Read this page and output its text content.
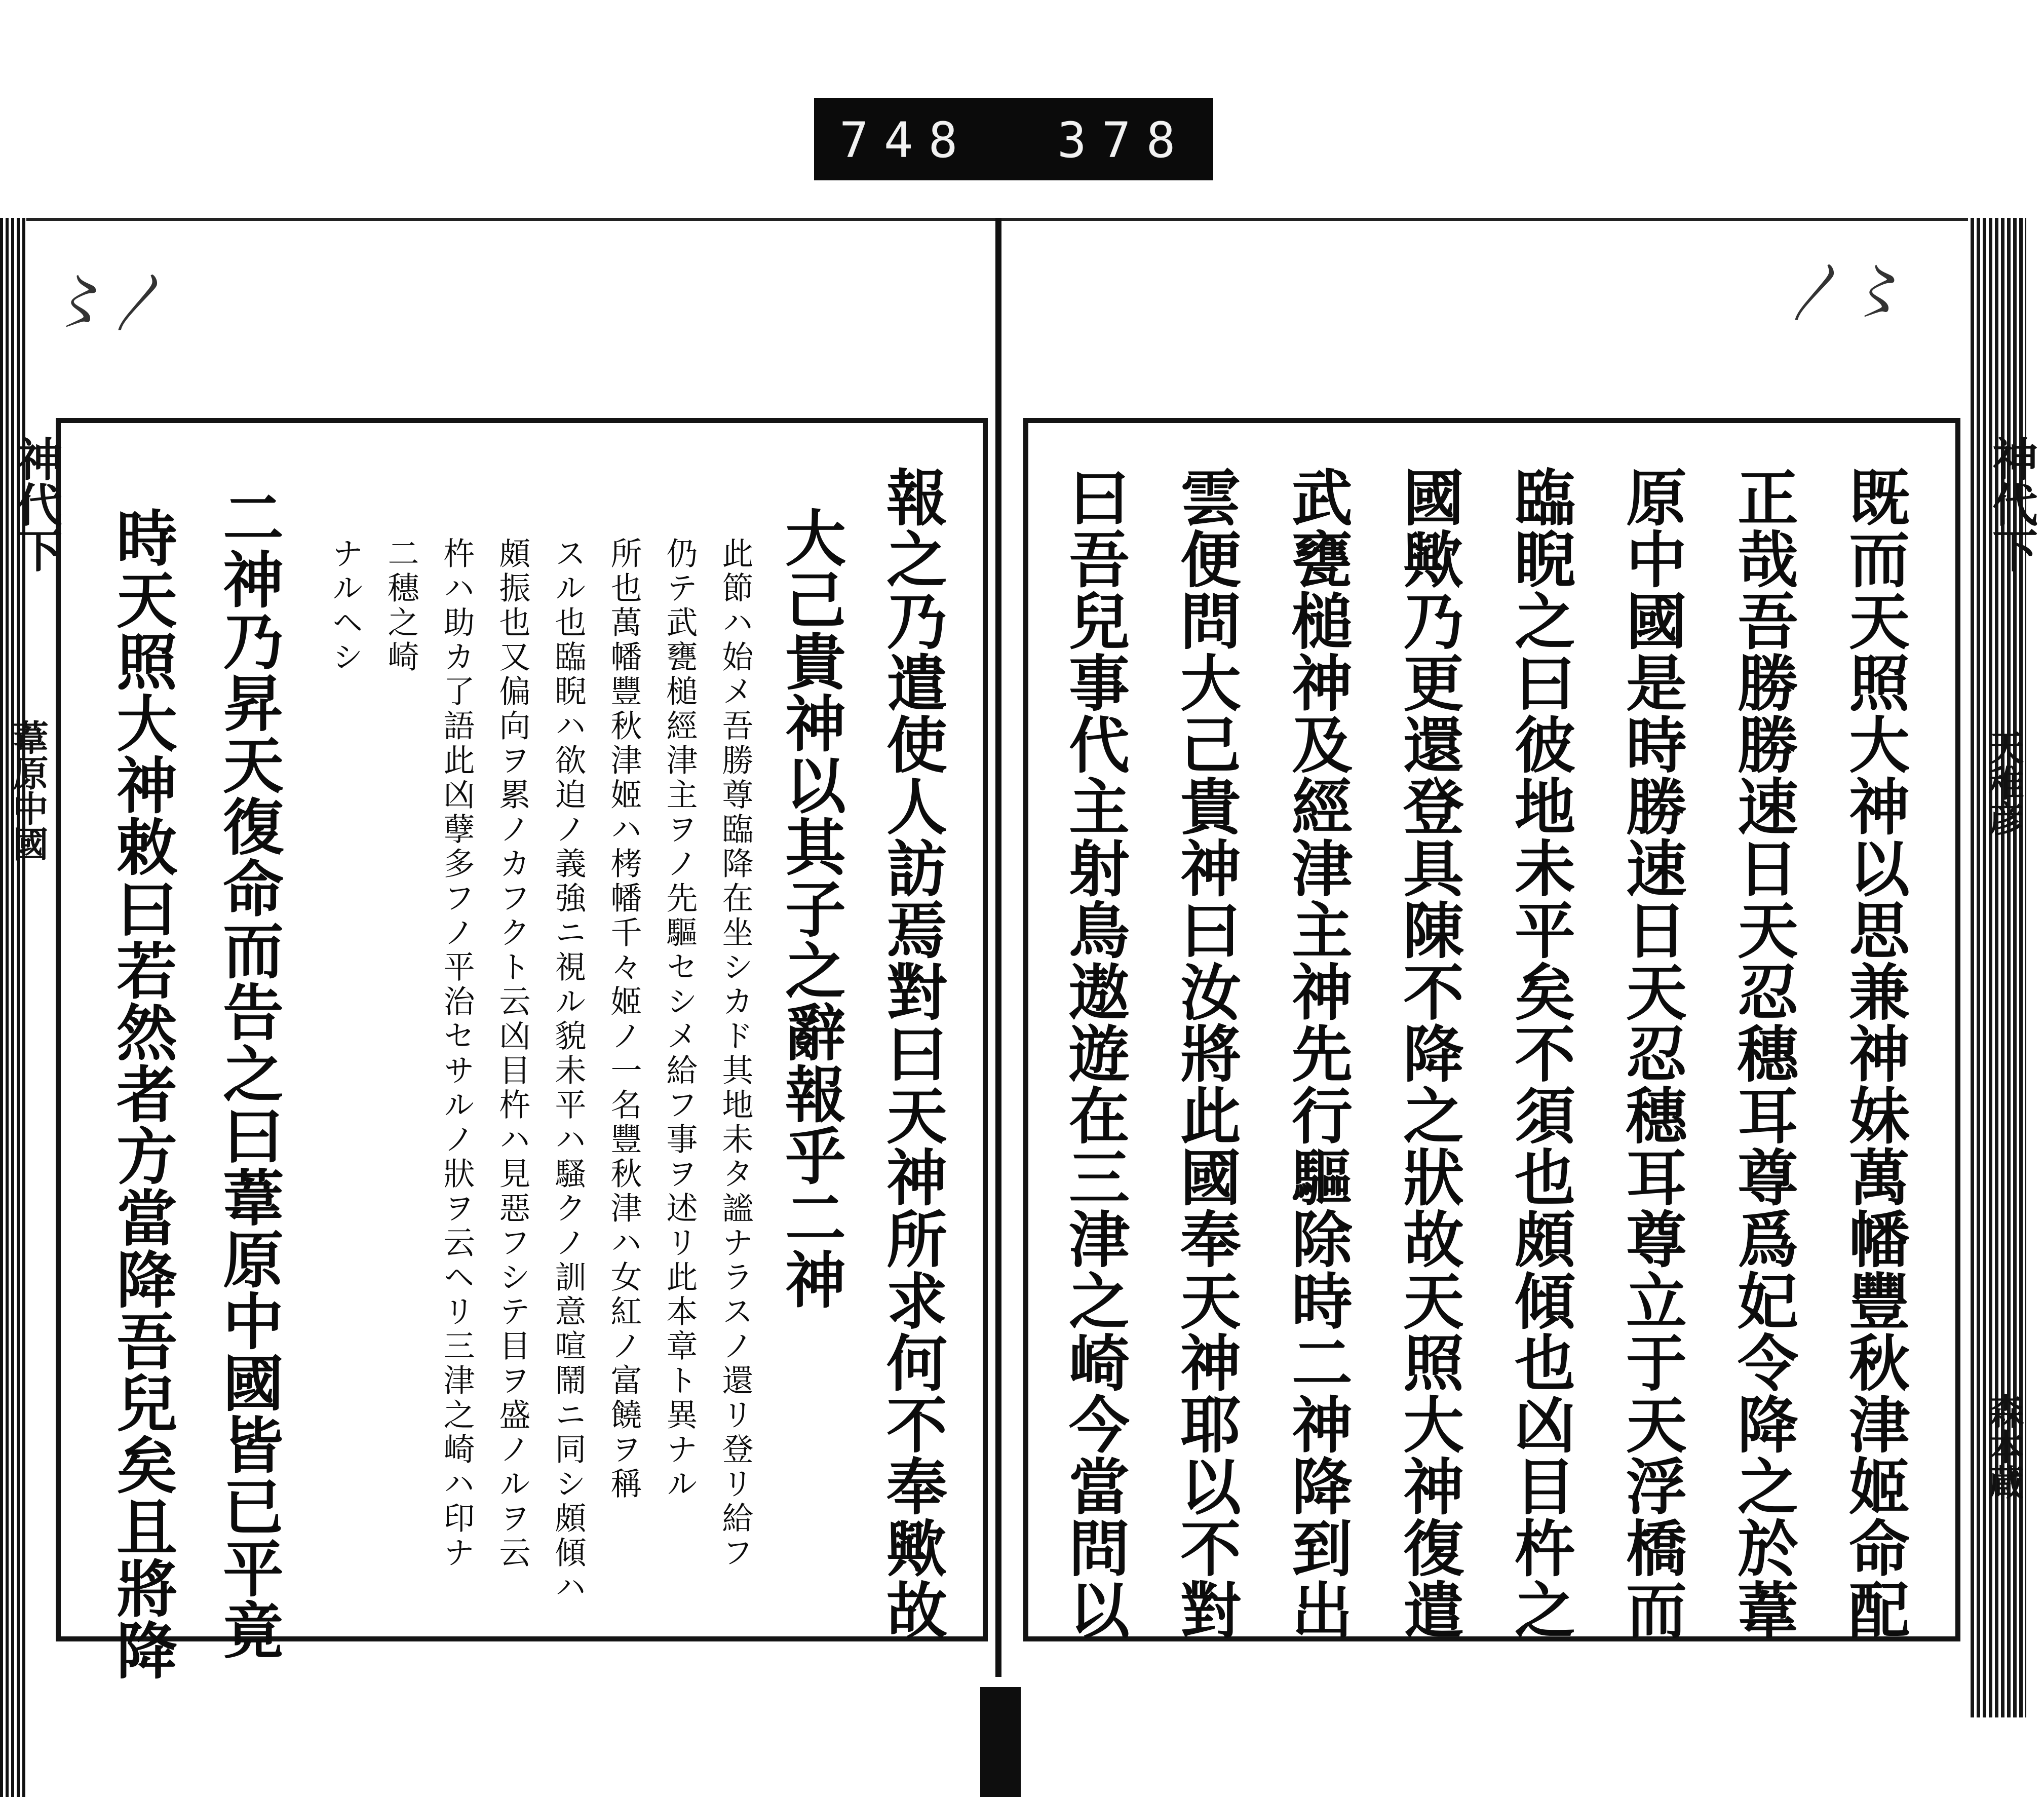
748 378
〻〳	〳〻
神代下
葦原中國
神代下
天稚彦
森本蔵
既而天照大神以思兼神妹萬幡豐秋津姬命配
正哉吾勝勝速日天忍穗耳尊爲妃令降之於葦
原中國是時勝速日天忍穗耳尊立于天浮橋而
臨睨之曰彼地未平矣不須也頗傾也凶目杵之
國歟乃更還登具陳不降之狀故天照大神復遣
武甕槌神及經津主神先行驅除時二神降到出
雲便問大己貴神曰汝將此國奉天神耶以不對
曰吾兒事代主射鳥遨遊在三津之崎今當問以
報之乃遣使人訪焉對曰天神所求何不奉歟故
大己貴神以其子之辭報乎二神
此節ハ始メ吾勝尊臨降在坐シカド其地未タ謐ナラスノ還リ登リ給フ
仍テ武甕槌經津主ヲノ先驅セシメ給フ事ヲ述リ此本章ト異ナル
所也萬幡豐秋津姬ハ栲幡千々姬ノ一名豐秋津ハ女紅ノ富饒ヲ稱
スル也臨睨ハ欲迫ノ義強ニ視ル貌未平ハ騷クノ訓意喧鬧ニ同シ頗傾ハ
頗振也又偏向ヲ累ノカフクト云凶目杵ハ見惡フシテ目ヲ盛ノルヲ云
杵ハ助カ了語此凶孽多フノ平治セサルノ狀ヲ云ヘリ三津之崎ハ印ナ
二穗之崎
ナルヘシ
二神乃昇天復命而告之曰葦原中國皆已平竟
時天照大神敕曰若然者方當降吾兒矣且將降
